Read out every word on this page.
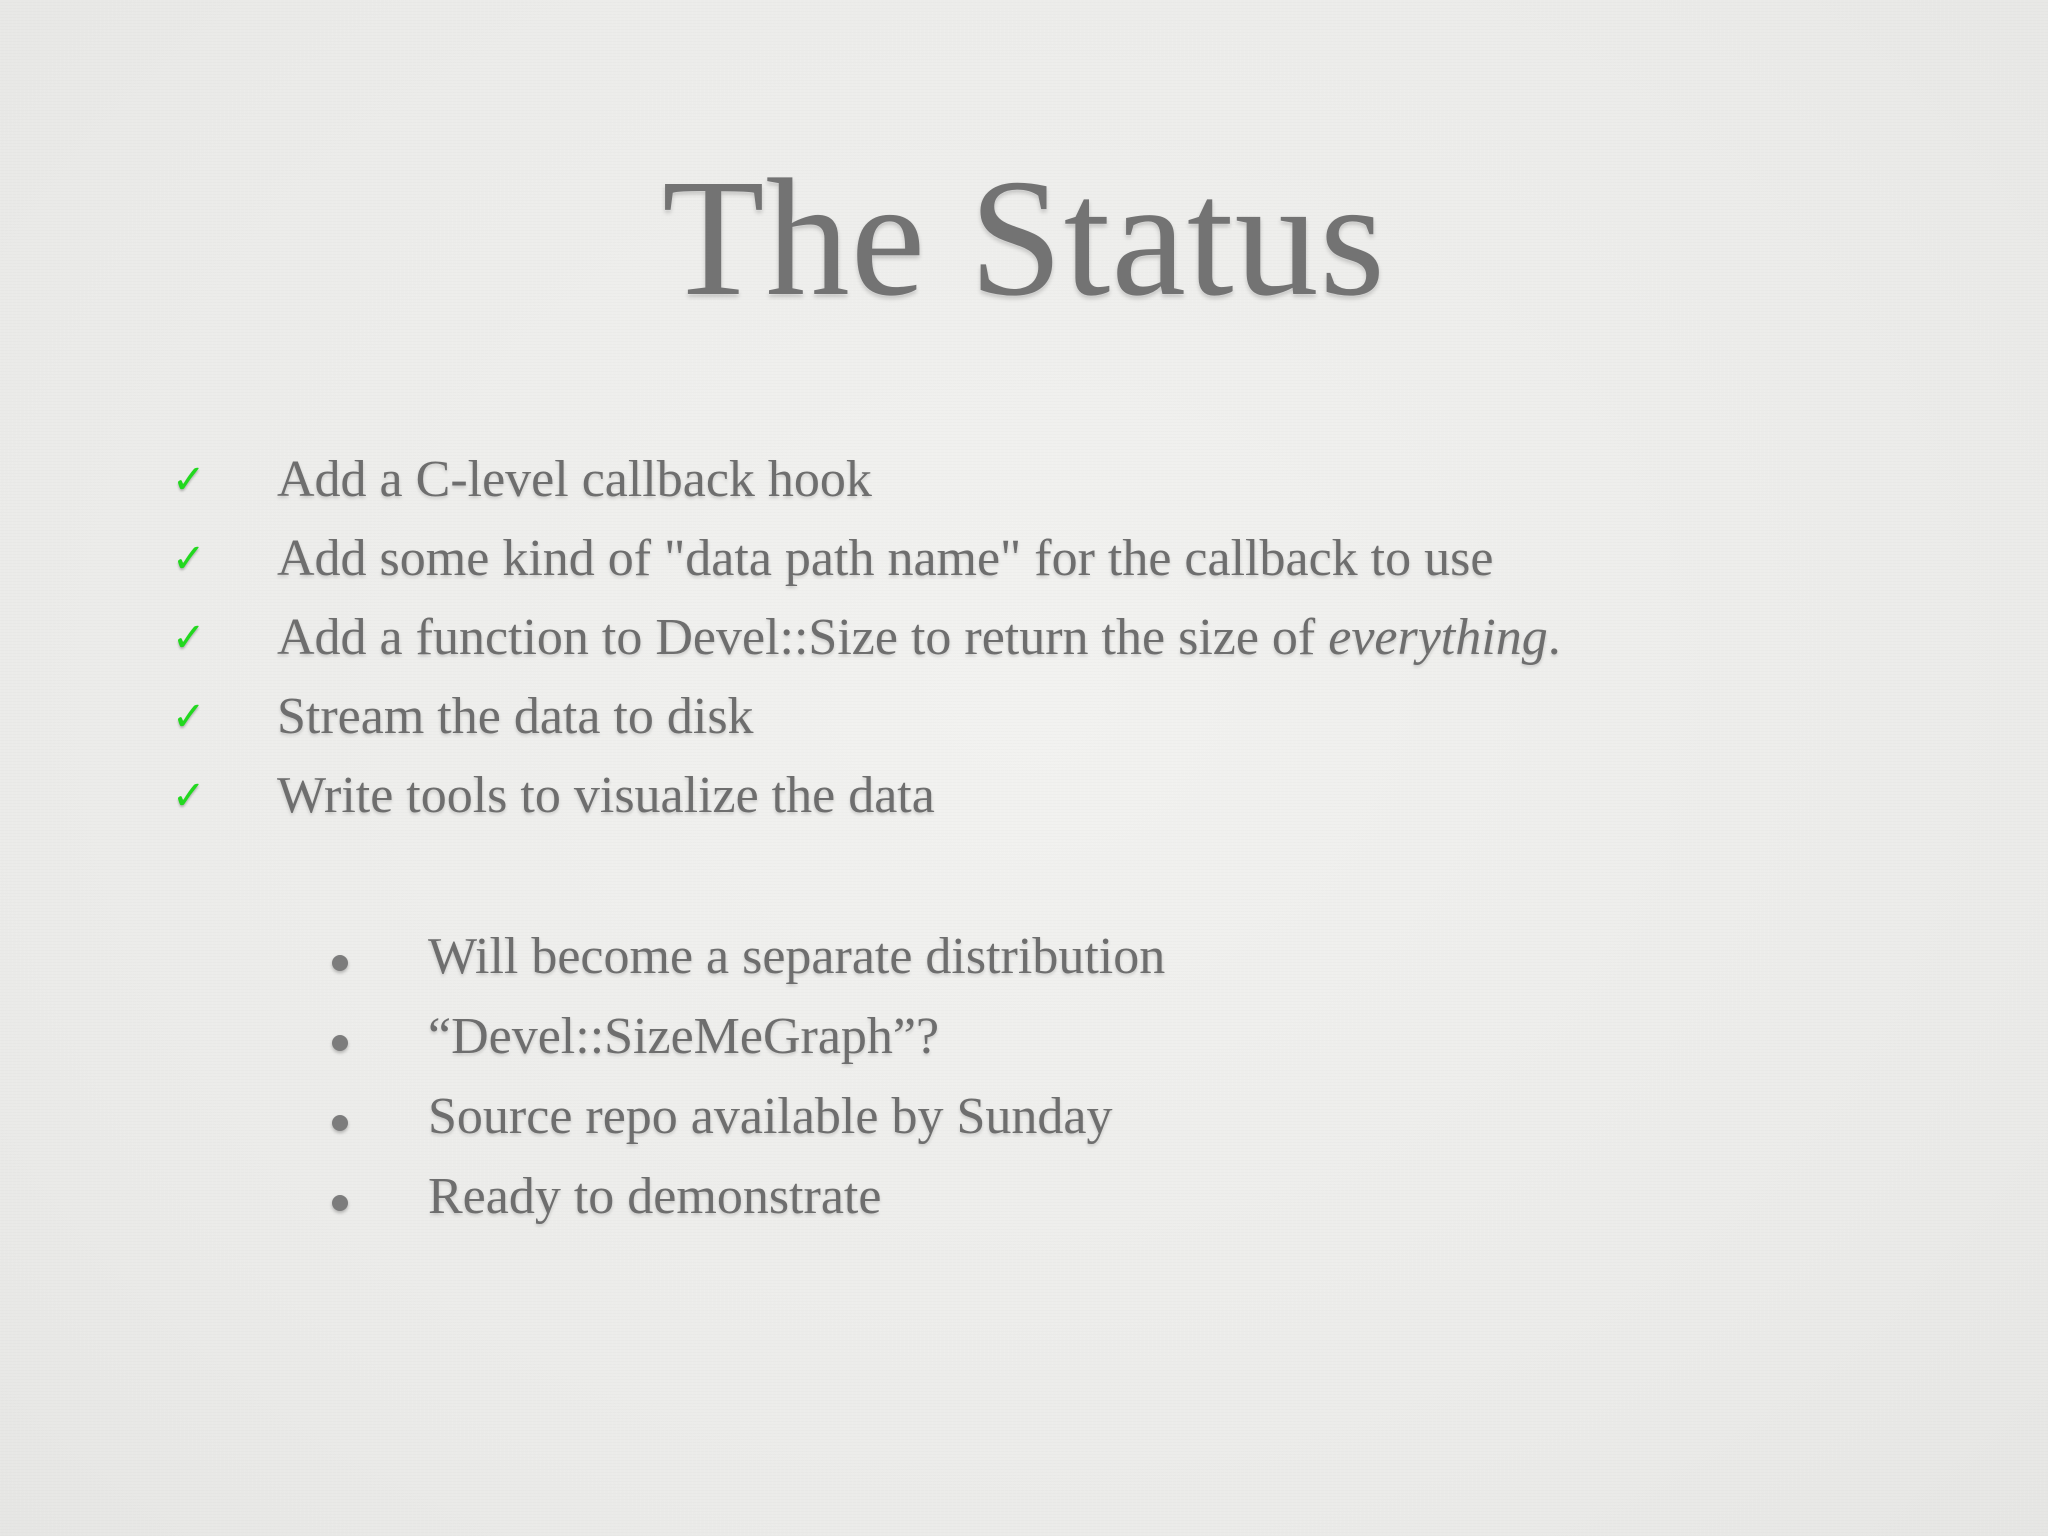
The Status
✓	Add a C-level callback hook
✓	Add some kind of "data path name" for the callback to use
✓	Add a function to Devel::Size to return the size of everything.
✓	Stream the data to disk
✓	Write tools to visualize the data
Will become a separate distribution
“Devel::SizeMeGraph”?
Source repo available by Sunday
Ready to demonstrate
